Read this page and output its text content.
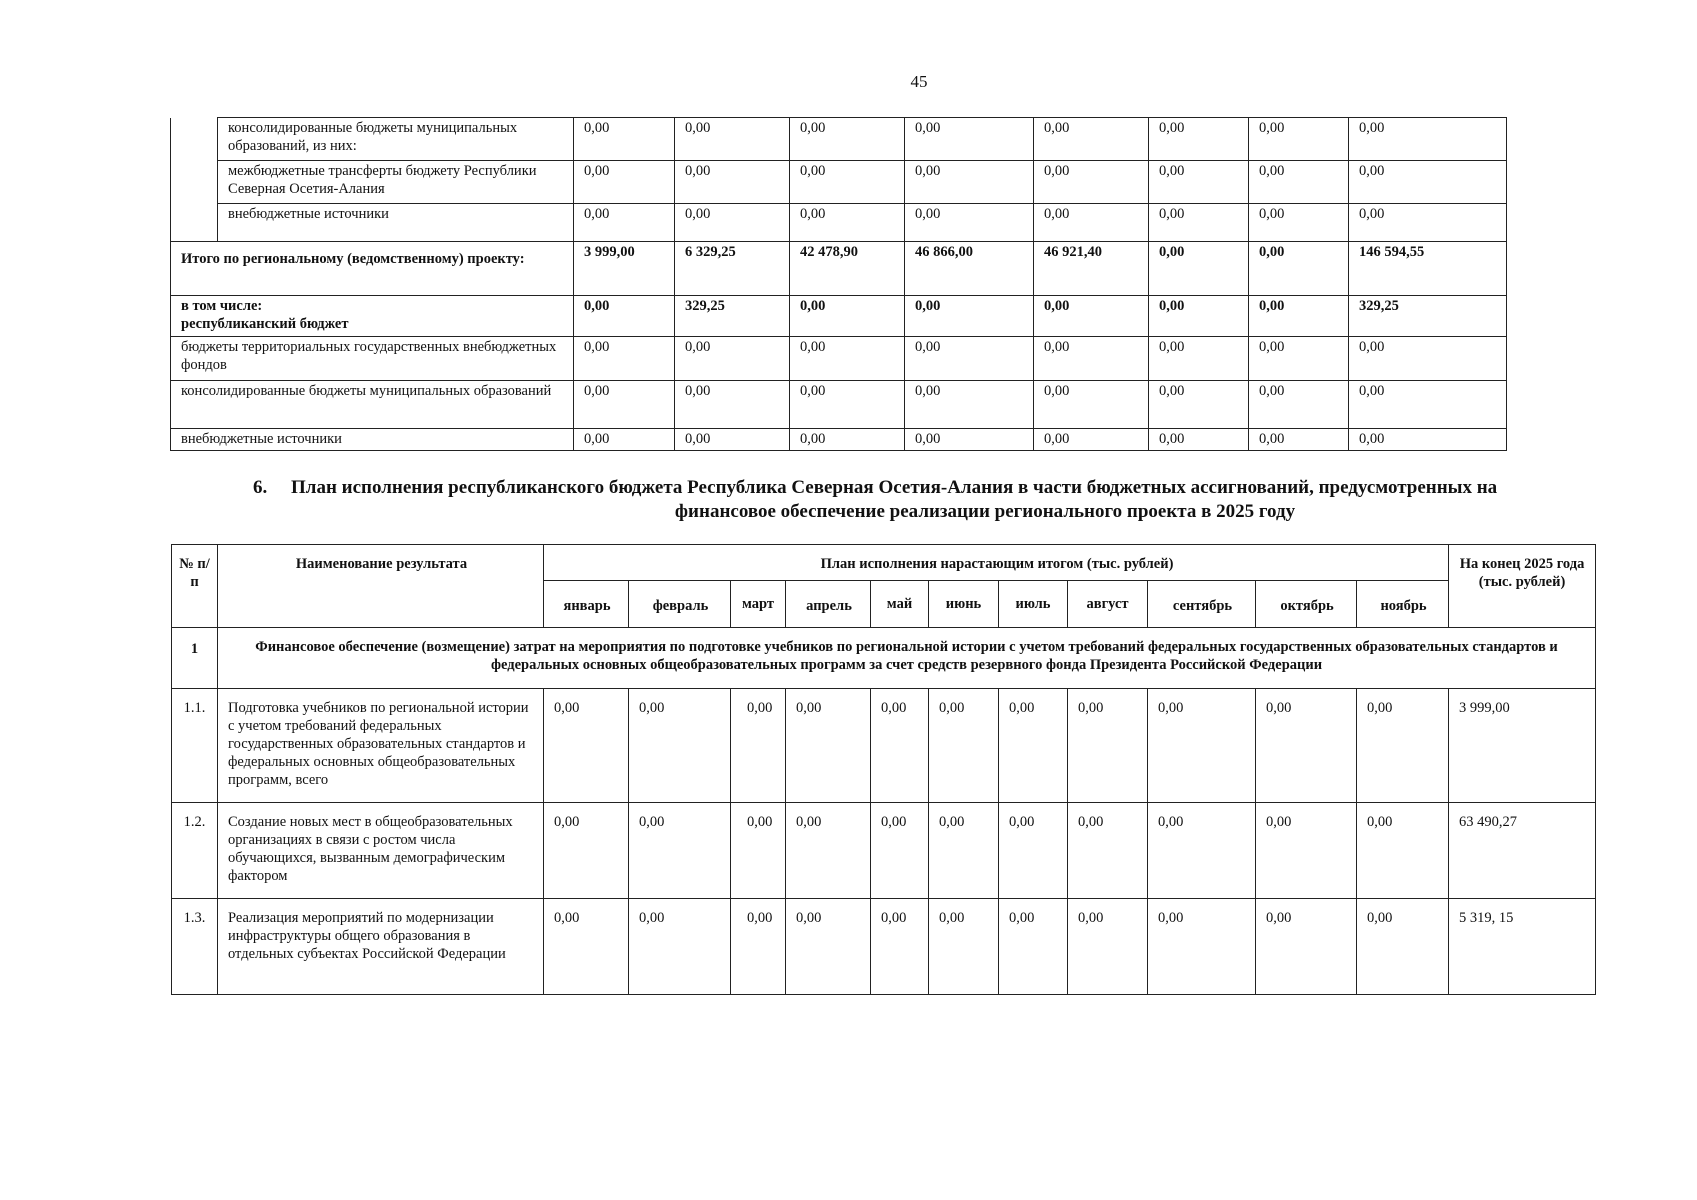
45
	консолидированные бюджеты муниципальных образований, из них:	0,00	0,00	0,00	0,00	0,00	0,00	0,00	0,00
	межбюджетные трансферты бюджету Республики Северная Осетия-Алания	0,00	0,00	0,00	0,00	0,00	0,00	0,00	0,00
	внебюджетные источники	0,00	0,00	0,00	0,00	0,00	0,00	0,00	0,00
Итого по региональному (ведомственному) проекту:		3 999,00	6 329,25	42 478,90	46 866,00	46 921,40	0,00	0,00	146 594,55

в том числе:
республиканский бюджет		0,00	329,25	0,00	0,00	0,00	0,00	0,00	329,25
бюджеты территориальных государственных внебюджетных фондов		0,00	0,00	0,00	0,00	0,00	0,00	0,00	0,00
консолидированные бюджеты муниципальных образований		0,00	0,00	0,00	0,00	0,00	0,00	0,00	0,00
внебюджетные источники		0,00	0,00	0,00	0,00	0,00	0,00	0,00	0,00
6.	План исполнения республиканского бюджета Республика Северная Осетия-Алания в части бюджетных ассигнований, предусмотренных на
финансовое обеспечение реализации регионального проекта в 2025 году
№ п/п	Наименование результата	План исполнения нарастающим итогом (тыс. рублей)											На конец 2025 года (тыс. рублей)
		январь	февраль	март	апрель	май	июнь	июль	август	сентябрь	октябрь	ноябрь	
1	Финансовое обеспечение (возмещение) затрат на мероприятия по подготовке учебников по региональной истории с учетом требований федеральных государственных образовательных стандартов и федеральных основных общеобразовательных программ за счет средств резервного фонда Президента Российской Федерации												
1.1.	Подготовка учебников по региональной истории с учетом требований федеральных государственных образовательных стандартов и федеральных основных общеобразовательных программ, всего	0,00	0,00	0,00	0,00	0,00	0,00	0,00	0,00	0,00	0,00	0,00	3 999,00
1.2.	Создание новых мест в общеобразовательных организациях в связи с ростом числа обучающихся, вызванным демографическим фактором	0,00	0,00	0,00	0,00	0,00	0,00	0,00	0,00	0,00	0,00	0,00	63 490,27
1.3.	Реализация мероприятий по модернизации инфраструктуры общего образования в отдельных субъектах Российской Федерации	0,00	0,00	0,00	0,00	0,00	0,00	0,00	0,00	0,00	0,00	0,00	5 319, 15
